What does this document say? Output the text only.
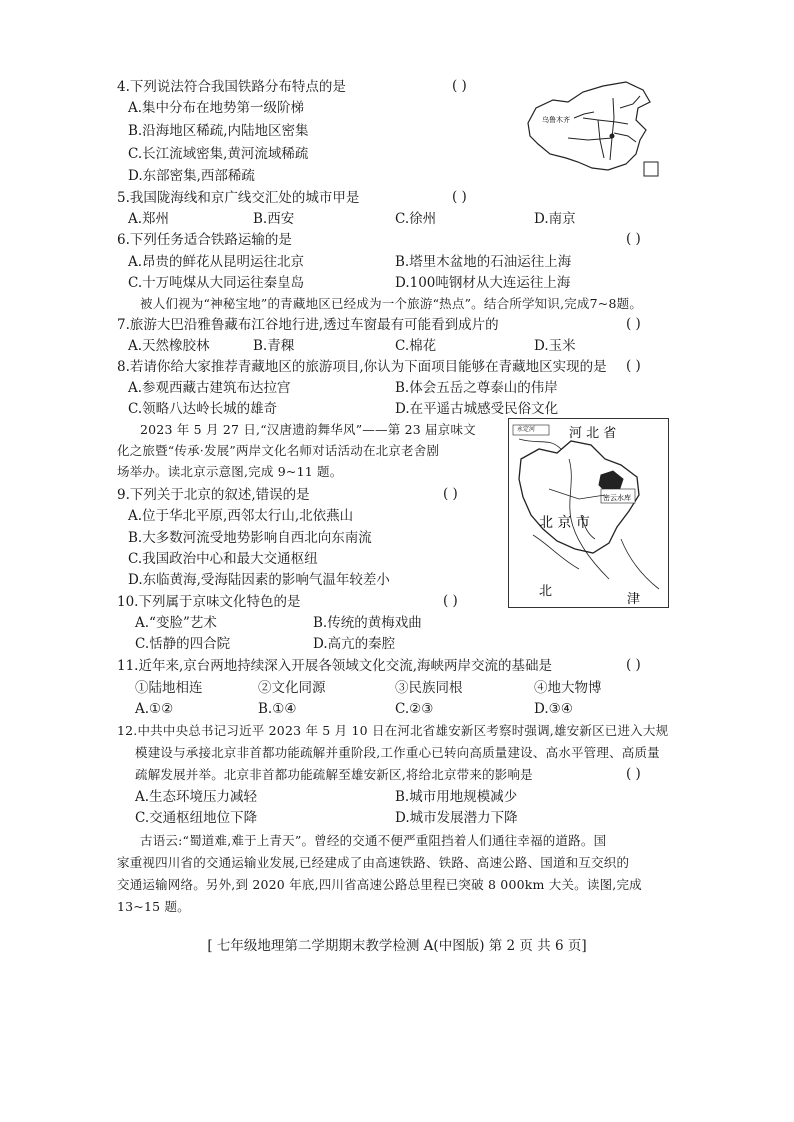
4.下列说法符合我国铁路分布特点的是	( )
A.集中分布在地势第一级阶梯
B.沿海地区稀疏,内陆地区密集
C.长江流域密集,黄河流域稀疏
D.东部密集,西部稀疏
乌鲁木齐
5.我国陇海线和京广线交汇处的城市甲是	( )
A.郑州	B.西安	C.徐州	D.南京
6.下列任务适合铁路运输的是	( )
A.昂贵的鲜花从昆明运往北京	B.塔里木盆地的石油运往上海
C.十万吨煤从大同运往秦皇岛	D.100吨钢材从大连运往上海
被人们视为“神秘宝地”的青藏地区已经成为一个旅游“热点”。结合所学知识,完成7~8题。
7.旅游大巴沿雅鲁藏布江谷地行进,透过车窗最有可能看到成片的	( )
A.天然橡胶林	B.青稞	C.棉花	D.玉米
8.若请你给大家推荐青藏地区的旅游项目,你认为下面项目能够在青藏地区实现的是 ( )
A.参观西藏古建筑布达拉宫	B.体会五岳之尊泰山的伟岸
C.领略八达岭长城的雄奇	D.在平遥古城感受民俗文化
2023 年 5 月 27 日,“汉唐遗韵舞华风”——第 23 届京味文
化之旅暨“传承·发展”两岸文化名师对话活动在北京老舍剧
场举办。读北京示意图,完成 9~11 题。
河 北 省
密云水库
北 京 市
永定河
北
津
9.下列关于北京的叙述,错误的是	( )
A.位于华北平原,西邻太行山,北依燕山
B.大多数河流受地势影响自西北向东南流
C.我国政治中心和最大交通枢纽
D.东临黄海,受海陆因素的影响气温年较差小
10.下列属于京味文化特色的是	( )
A.“变脸”艺术	B.传统的黄梅戏曲
C.恬静的四合院	D.高亢的秦腔
11.近年来,京台两地持续深入开展各领域文化交流,海峡两岸交流的基础是	( )
①陆地相连	②文化同源	③民族同根	④地大物博
A.①②	B.①④	C.②③	D.③④
12.中共中央总书记习近平 2023 年 5 月 10 日在河北省雄安新区考察时强调,雄安新区已进入大规
模建设与承接北京非首都功能疏解并重阶段,工作重心已转向高质量建设、高水平管理、高质量
疏解发展并举。北京非首都功能疏解至雄安新区,将给北京带来的影响是	( )
A.生态环境压力减轻	B.城市用地规模减少
C.交通枢纽地位下降	D.城市发展潜力下降
古语云:“蜀道难,难于上青天”。曾经的交通不便严重阻挡着人们通往幸福的道路。国
家重视四川省的交通运输业发展,已经建成了由高速铁路、铁路、高速公路、国道和互交织的
交通运输网络。另外,到 2020 年底,四川省高速公路总里程已突破 8 000km 大关。读图,完成
13~15 题。
[ 七年级地理第二学期期末教学检测 A(中图版) 第 2 页 共 6 页]
